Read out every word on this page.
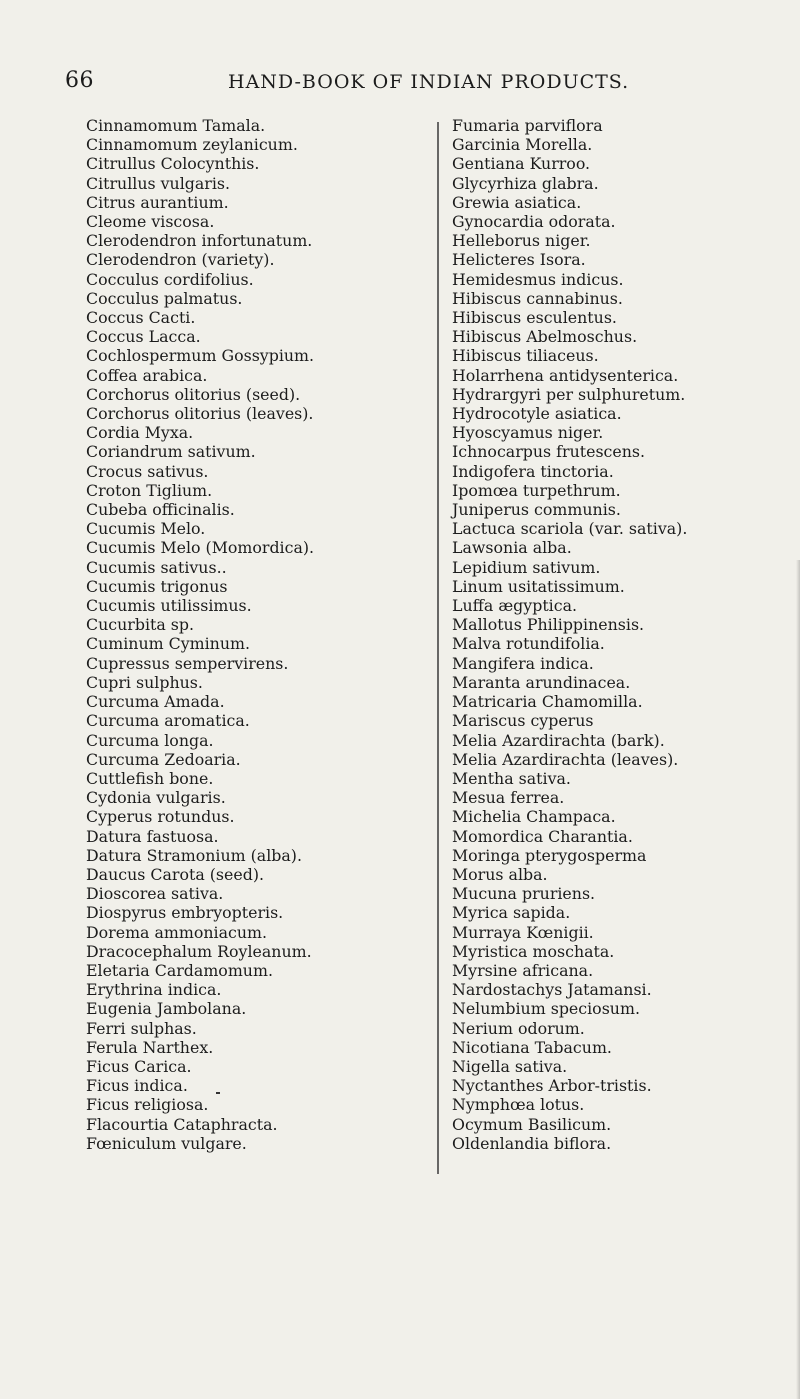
66	HAND-BOOK OF INDIAN PRODUCTS.
Cinnamomum Tamala.
Cinnamomum zeylanicum.
Citrullus Colocynthis.
Citrullus vulgaris.
Citrus aurantium.
Cleome viscosa.
Clerodendron infortunatum.
Clerodendron (variety).
Cocculus cordifolius.
Cocculus palmatus.
Coccus Cacti.
Coccus Lacca.
Cochlospermum Gossypium.
Coffea arabica.
Corchorus olitorius (seed).
Corchorus olitorius (leaves).
Cordia Myxa.
Coriandrum sativum.
Crocus sativus.
Croton Tiglium.
Cubeba officinalis.
Cucumis Melo.
Cucumis Melo (Momordica).
Cucumis sativus..
Cucumis trigonus
Cucumis utilissimus.
Cucurbita sp.
Cuminum Cyminum.
Cupressus sempervirens.
Cupri sulphus.
Curcuma Amada.
Curcuma aromatica.
Curcuma longa.
Curcuma Zedoaria.
Cuttlefish bone.
Cydonia vulgaris.
Cyperus rotundus.
Datura fastuosa.
Datura Stramonium (alba).
Daucus Carota (seed).
Dioscorea sativa.
Diospyrus embryopteris.
Dorema ammoniacum.
Dracocephalum Royleanum.
Eletaria Cardamomum.
Erythrina indica.
Eugenia Jambolana.
Ferri sulphas.
Ferula Narthex.
Ficus Carica.
Ficus indica.
Ficus religiosa.
Flacourtia Cataphracta.
Fœniculum vulgare.
Fumaria parviflora
Garcinia Morella.
Gentiana Kurroo.
Glycyrhiza glabra.
Grewia asiatica.
Gynocardia odorata.
Helleborus niger.
Helicteres Isora.
Hemidesmus indicus.
Hibiscus cannabinus.
Hibiscus esculentus.
Hibiscus Abelmoschus.
Hibiscus tiliaceus.
Holarrhena antidysenterica.
Hydrargyri per sulphuretum.
Hydrocotyle asiatica.
Hyoscyamus niger.
Ichnocarpus frutescens.
Indigofera tinctoria.
Ipomœa turpethrum.
Juniperus communis.
Lactuca scariola (var. sativa).
Lawsonia alba.
Lepidium sativum.
Linum usitatissimum.
Luffa ægyptica.
Mallotus Philippinensis.
Malva rotundifolia.
Mangifera indica.
Maranta arundinacea.
Matricaria Chamomilla.
Mariscus cyperus
Melia Azardirachta (bark).
Melia Azardirachta (leaves).
Mentha sativa.
Mesua ferrea.
Michelia Champaca.
Momordica Charantia.
Moringa pterygosperma
Morus alba.
Mucuna pruriens.
Myrica sapida.
Murraya Kœnigii.
Myristica moschata.
Myrsine africana.
Nardostachys Jatamansi.
Nelumbium speciosum.
Nerium odorum.
Nicotiana Tabacum.
Nigella sativa.
Nyctanthes Arbor-tristis.
Nymphœa lotus.
Ocymum Basilicum.
Oldenlandia biflora.
